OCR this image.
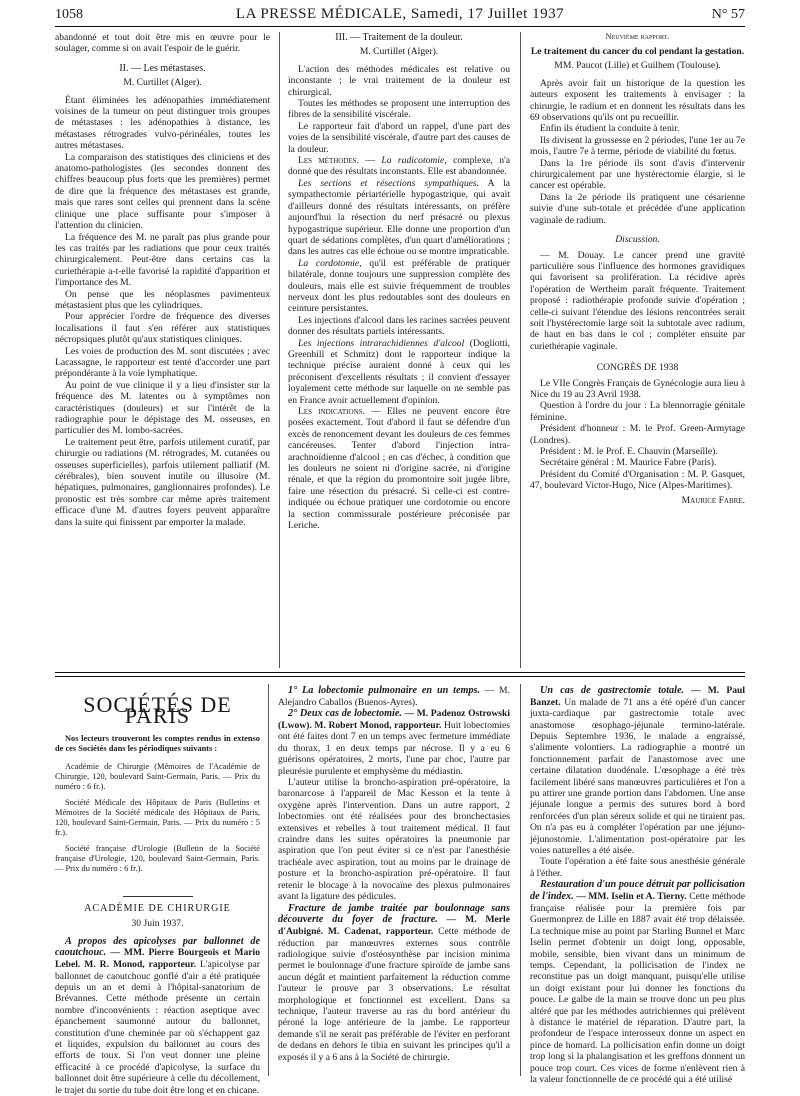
1058	LA PRESSE MÉDICALE, Samedi, 17 Juillet 1937	N° 57

abandonné et tout doit être mis en œuvre pour le soulager, comme si on avait l'espoir de le guérir.

II. — Les métastases.

M. Curtillet (Alger).

Étant éliminées les adénopathies immédiatement voisines de la tumeur on peut distinguer trois groupes de métastases : les adénopathies à distance, les métastases rétrogrades vulvo-périnéales, toutes les autres métastases.

La comparaison des statistiques des cliniciens et des anatomo-pathologistes (les secondes donnent des chiffres beaucoup plus forts que les premières) permet de dire que la fréquence des métastases est grande, mais que rares sont celles qui prennent dans la scène clinique une place suffisante pour s'imposer à l'attention du clinicien.

La fréquence des M. ne paraît pas plus grande pour les cas traités par les radiations que pour ceux traités chirurgicalement. Peut-être dans certains cas la curiethérapie a-t-elle favorisé la rapidité d'apparition et l'importance des M.

On pense que les néoplasmes pavimenteux métastasient plus que les cylindriques.

Pour apprécier l'ordre de fréquence des diverses localisations il faut s'en référer aux statistiques nécropsiques plutôt qu'aux statistiques cliniques.

Les voies de production des M. sont discutées ; avec Lacassagne, le rapporteur est tenté d'accorder une part prépondérante à la voie lymphatique.

Au point de vue clinique il y a lieu d'insister sur la fréquence des M. latentes ou à symptômes non caractéristiques (douleurs) et sur l'intérêt de la radiographie pour le dépistage des M. osseuses, en particulier des M. lombo-sacrées.

Le traitement peut être, parfois utilement curatif, par chirurgie ou radiations (M. rétrogrades, M. cutanées ou osseuses superficielles), parfois utilement palliatif (M. cérébrales), bien souvent inutile ou illusoire (M. hépatiques, pulmonaires, ganglionnaires profondes). Le pronostic est très sombre car même après traitement efficace d'une M. d'autres foyers peuvent apparaître dans la suite qui finissent par emporter la malade.

III. — Traitement de la douleur.

M. Curtillet (Alger).

L'action des méthodes médicales est relative ou inconstante ; le vrai traitement de la douleur est chirurgical.

Toutes les méthodes se proposent une interruption des fibres de la sensibilité viscérale.

Le rapporteur fait d'abord un rappel, d'une part des voies de la sensibilité viscérale, d'autre part des causes de la douleur.

Les méthodes. — La radicotomie, complexe, n'a donné que des résultats inconstants. Elle est abandonnée.

Les sections et résections sympathiques. A la sympathectomie périartérielle hypogastrique, qui avait d'ailleurs donné des résultats intéressants, on préfère aujourd'hui la résection du nerf présacré ou plexus hypogastrique supérieur. Elle donne une proportion d'un quart de sédations complètes, d'un quart d'améliorations ; dans les autres cas elle échoue ou se montre impraticable.

La cordotomie, qu'il est préférable de pratiquer bilatérale, donne toujours une suppression complète des douleurs, mais elle est suivie fréquemment de troubles nerveux dont les plus redoutables sont des douleurs en ceinture persistantes.

Les injections d'alcool dans les racines sacrées peuvent donner des résultats partiels intéressants.

Les injections intrarachidiennes d'alcool (Dogliotti, Greenhill et Schmitz) dont le rapporteur indique la technique précise auraient donné à ceux qui les préconisent d'excellents résultats ; il convient d'essayer loyalement cette méthode sur laquelle on ne semble pas en France avoir actuellement d'opinion.

Les indications. — Elles ne peuvent encore être posées exactement. Tout d'abord il faut se défendre d'un excès de renoncement devant les douleurs de ces femmes cancéreuses. Tenter d'abord l'injection intra-arachnoïdienne d'alcool ; en cas d'échec, à condition que les douleurs ne soient ni d'origine sacrée, ni d'origine rénale, et que la région du promontoire soit jugée libre, faire une résection du présacré. Si celle-ci est contre-indiquée ou échoue pratiquer une cordotomie ou encore la section commissurale postérieure préconisée par Leriche.

Neuvième rapport.

Le traitement du cancer du col pendant la gestation.

MM. Paucot (Lille) et Guilhem (Toulouse).

Après avoir fait un historique de la question les auteurs exposent les traitements à envisager : la chirurgie, le radium et en donnent les résultats dans les 69 observations qu'ils ont pu recueillir.

Enfin ils étudient la conduite à tenir.

Ils divisent la grossesse en 2 périodes, l'une 1er au 7e mois, l'autre 7e à terme, période de viabilité du fœtus.

Dans la 1re période ils sont d'avis d'intervenir chirurgicalement par une hystérectomie élargie, si le cancer est opérable.

Dans la 2e période ils pratiquent une césarienne suivie d'une sub-totale et précédée d'une application vaginale de radium.

Discussion.

— M. Douay. Le cancer prend une gravité particulière sous l'influence des hormones gravidiques qui favorisent sa prolifération. La récidive après l'opération de Wertheim paraît fréquente. Traitement proposé : radiothérapie profonde suivie d'opération ; celle-ci suivant l'étendue des lésions rencontrées serait soit l'hystérectomie large soit la subtotale avec radium, de haut en bas dans le col ; compléter ensuite par curiethérapie vaginale.

CONGRÈS DE 1938

Le VIIe Congrès Français de Gynécologie aura lieu à Nice du 19 au 23 Avril 1938.

Question à l'ordre du jour : La blennorragie génitale féminine.

Président d'honneur : M. le Prof. Green-Armytage (Londres).

Président : M. le Prof. E. Chauvin (Marseille).

Secrétaire général : M. Maurice Fabre (Paris).

Président du Comité d'Organisation : M. P. Gasquet, 47, boulevard Victor-Hugo, Nice (Alpes-Maritimes).

Maurice Fabre.

SOCIÉTÉS DE PARIS

Nos lecteurs trouveront les comptes rendus in extenso de ces Sociétés dans les périodiques suivants :

Académie de Chirurgie (Mémoires de l'Académie de Chirurgie, 120, boulevard Saint-Germain, Paris. — Prix du numéro : 6 fr.).

Société Médicale des Hôpitaux de Paris (Bulletins et Mémoires de la Société médicale des Hôpitaux de Paris, 120, boulevard Saint-Germain, Paris. — Prix du numéro : 5 fr.).

Société française d'Urologie (Bulletin de la Société française d'Urologie, 120, boulevard Saint-Germain, Paris. — Prix du numéro : 6 fr.).

ACADÉMIE DE CHIRURGIE

30 Juin 1937.

A propos des apicolyses par ballonnet de caoutchouc. — MM. Pierre Bourgeois et Mario Lebel. M. R. Monod, rapporteur. L'apicolyse par ballonnet de caoutchouc gonflé d'air a été pratiquée depuis un an et demi à l'hôpital-sanatorium de Brévannes. Cette méthode présente un certain nombre d'inconvénients : réaction aseptique avec épanchement saumonné autour du ballonnet, constitution d'une cheminée par où s'échappent gaz et liquides, expulsion du ballonnet au cours des efforts de toux. Si l'on veut donner une pleine efficacité à ce procédé d'apicolyse, la surface du ballonnet doit être supérieure à celle du décollement, le trajet du sortie du tube doit être long et en chicane.

1° La lobectomie pulmonaire en un temps. — M. Alejandro Caballos (Buenos-Ayres).

2° Deux cas de lobectomie. — M. Padenoz Ostrowski (Lwow). M. Robert Monod, rapporteur. Huit lobectomies ont été faites dont 7 en un temps avec fermeture immédiate du thorax, 1 en deux temps par nécrose. Il y a eu 6 guérisons opératoires, 2 morts, l'une par choc, l'autre par pleurésie purulente et emphysème du médiastin.

L'auteur utilise la broncho-aspiration pré-opératoire, la baronarcose à l'appareil de Mac Kesson et la tente à oxygène après l'intervention. Dans un autre rapport, 2 lobectomies ont été réalisées pour des bronchectasies extensives et rebelles à tout traitement médical. Il faut craindre dans les suites opératoires la pneumonie par aspiration que l'on peut éviter si ce n'est par l'anesthésie trachéale avec aspiration, tout au moins par le drainage de posture et la broncho-aspiration pré-opératoire. Il faut retenir le blocage à la novocaïne des plexus pulmonaires avant la ligature des pédicules.

Fracture de jambe traitée par boulonnage sans découverte du foyer de fracture. — M. Merle d'Aubigné. M. Cadenat, rapporteur. Cette méthode de réduction par manœuvres externes sous contrôle radiologique suivie d'ostéosynthèse par incision minima permet le boulonnage d'une fracture spiroïde de jambe sans aucun dégât et maintient parfaitement la réduction comme l'auteur le prouve par 3 observations. Le résultat morphologique et fonctionnel est excellent. Dans sa technique, l'auteur traverse au ras du bord antérieur du péroné la loge antérieure de la jambe. Le rapporteur demande s'il ne serait pas préférable de l'éviter en perforant de dedans en dehors le tibia en suivant les principes qu'il a exposés il y a 6 ans à la Société de chirurgie.

Un cas de gastrectomie totale. — M. Paul Banzet. Un malade de 71 ans a été opéré d'un cancer juxta-cardiaque par gastrectomie totale avec anastomose œsophago-jéjunale termino-latérale. Depuis Septembre 1936, le malade a engraissé, s'alimente volontiers. La radiographie a montré un fonctionnement parfait de l'anastomose avec une certaine dilatation duodénale. L'œsophage a été très facilement libéré sans manœuvres particulières et l'on a pu attirer une grande portion dans l'abdomen. Une anse jéjunale longue a permis des sutures bord à bord renforcées d'un plan séreux solide et qui ne tiraient pas. On n'a pas eu à compléter l'opération par une jéjuno-jéjunostomie. L'alimentation post-opératoire par les voies naturelles a été aisée.

Toute l'opération a été faite sous anesthésie générale à l'éther.

Restauration d'un pouce détruit par pollicisation de l'index. — MM. Iselin et A. Tierny. Cette méthode française réalisée pour la première fois par Guermonprez de Lille en 1887 avait été trop délaissée. La technique mise au point par Starling Bunnel et Marc Iselin permet d'obtenir un doigt long, opposable, mobile, sensible, bien vivant dans un minimum de temps. Cependant, la pollicisation de l'index ne reconstitue pas un doigt manquant, puisqu'elle utilise un doigt existant pour lui donner les fonctions du pouce. Le galbe de la main se trouve donc un peu plus altéré que par les méthodes autrichiennes qui prélèvent à distance le matériel de réparation. D'autre part, la profondeur de l'espace interosseux donne un aspect en pince de homard. La pollicisation enfin donne un doigt trop long si la phalangisation et les greffons donnent un pouce trop court. Ces vices de forme n'enlèvent rien à la valeur fonctionnelle de ce procédé qui a été utilisé
